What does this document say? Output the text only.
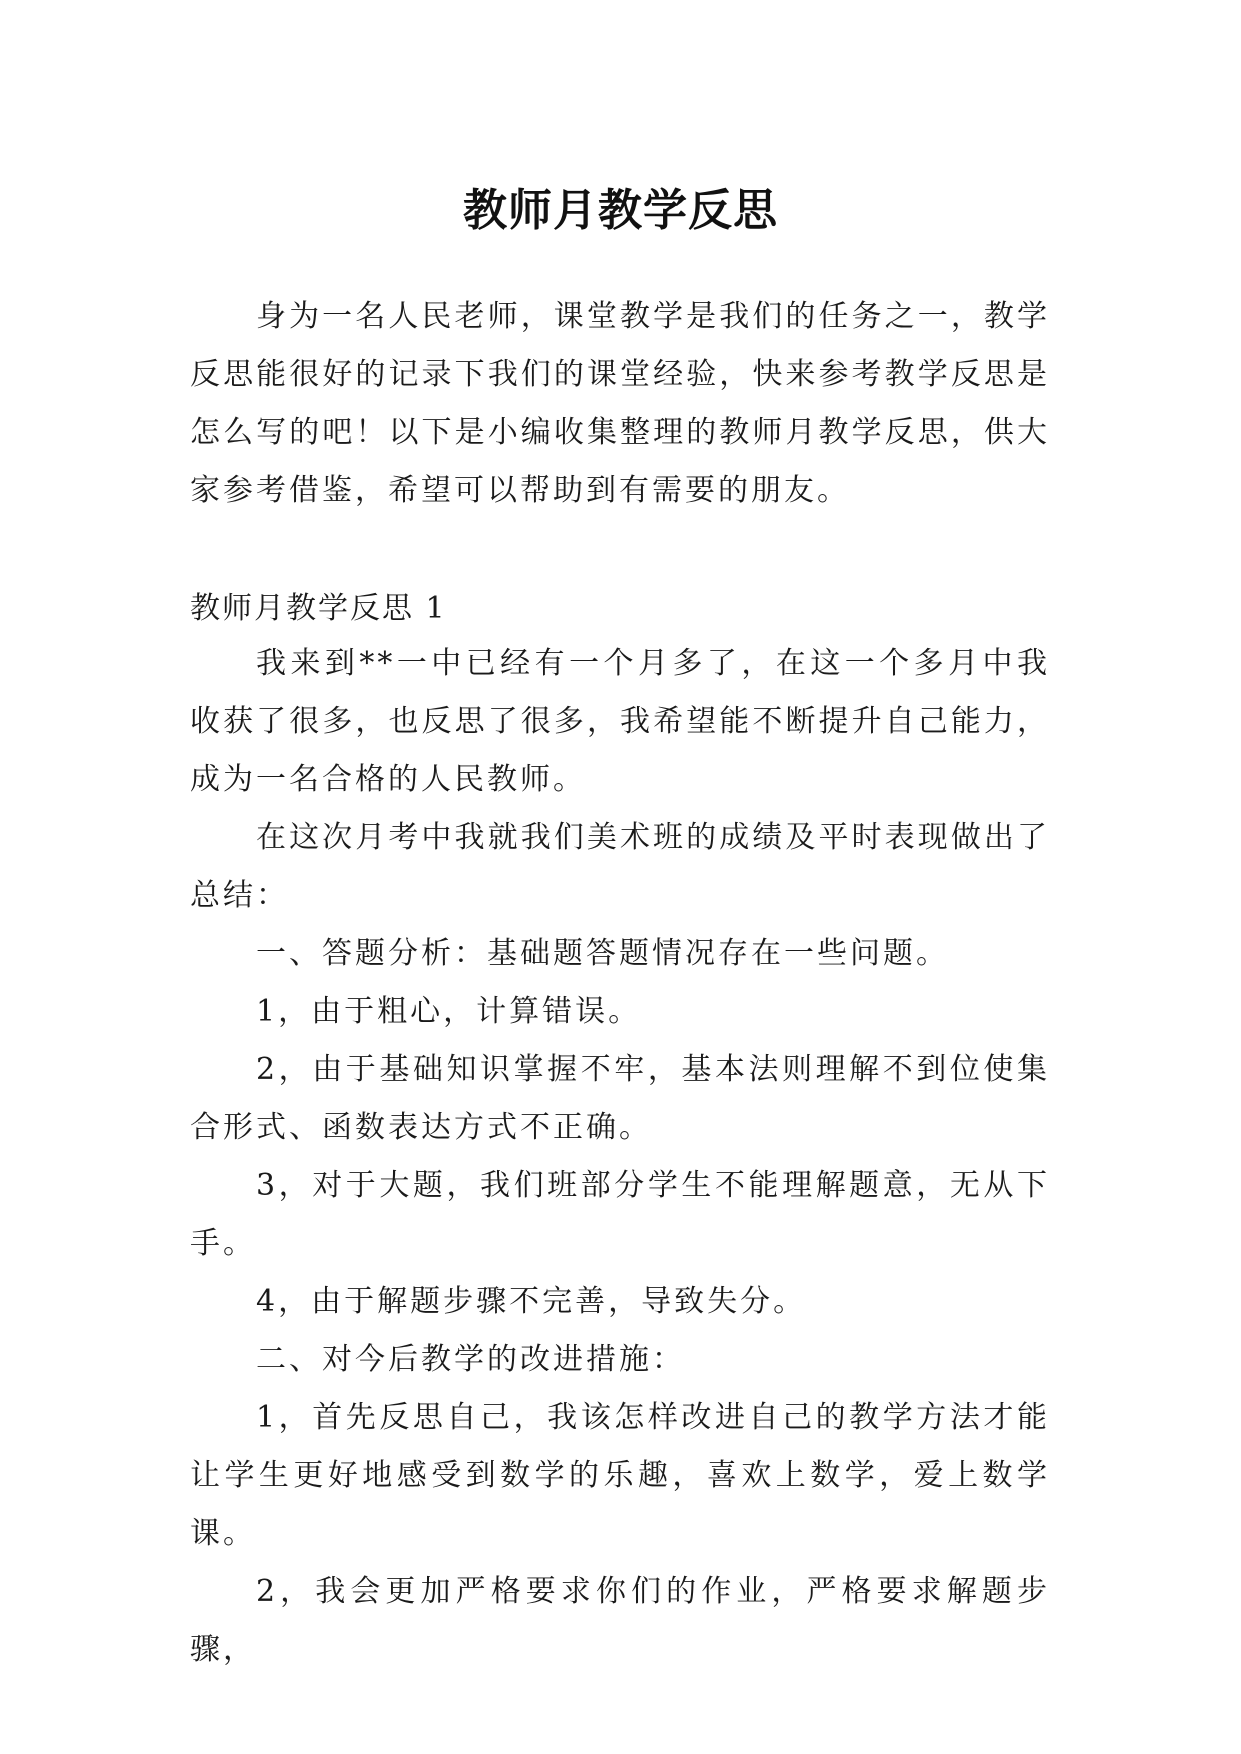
教师月教学反思

身为一名人民老师，课堂教学是我们的任务之一，教学反思能很好的记录下我们的课堂经验，快来参考教学反思是怎么写的吧！以下是小编收集整理的教师月教学反思，供大家参考借鉴，希望可以帮助到有需要的朋友。

教师月教学反思 1

我来到**一中已经有一个月多了，在这一个多月中我收获了很多，也反思了很多，我希望能不断提升自己能力，成为一名合格的人民教师。

在这次月考中我就我们美术班的成绩及平时表现做出了总结：

一、答题分析：基础题答题情况存在一些问题。

1，由于粗心，计算错误。

2，由于基础知识掌握不牢，基本法则理解不到位使集合形式、函数表达方式不正确。

3，对于大题，我们班部分学生不能理解题意，无从下手。

4，由于解题步骤不完善，导致失分。

二、对今后教学的改进措施：

1，首先反思自己，我该怎样改进自己的教学方法才能让学生更好地感受到数学的乐趣，喜欢上数学，爱上数学课。

2，我会更加严格要求你们的作业，严格要求解题步骤，
